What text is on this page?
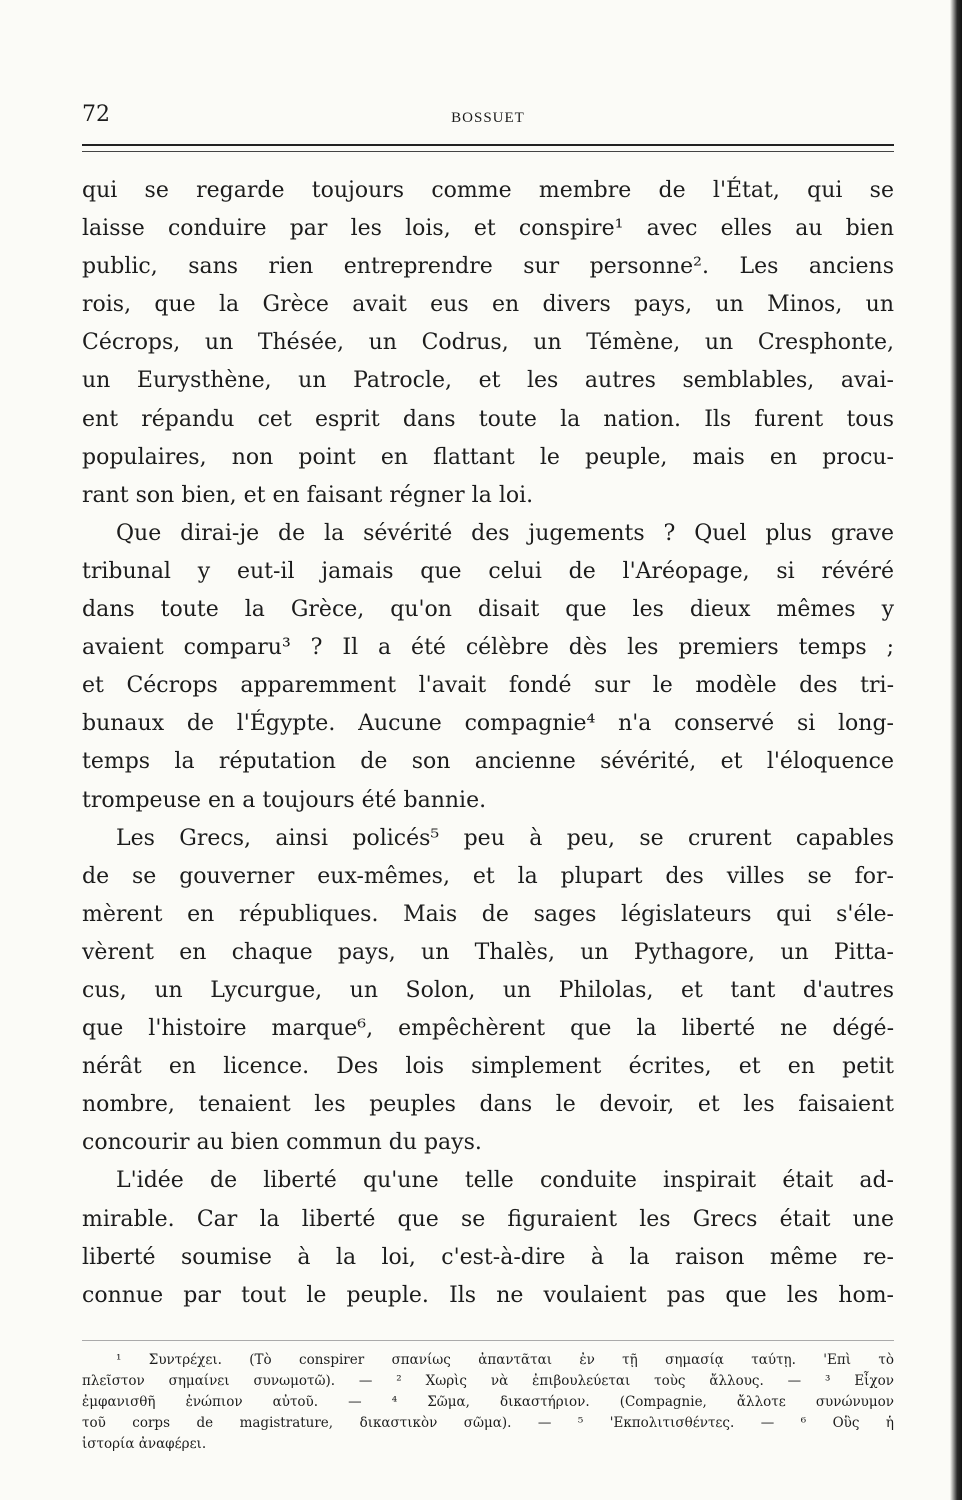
72	BOSSUET
qui se regarde toujours comme membre de l'État, qui se
laisse conduire par les lois, et conspire¹ avec elles au bien
public, sans rien entreprendre sur personne². Les anciens
rois, que la Grèce avait eus en divers pays, un Minos, un
Cécrops, un Thésée, un Codrus, un Témène, un Cresphonte,
un Eurysthène, un Patrocle, et les autres semblables, avai-
ent répandu cet esprit dans toute la nation. Ils furent tous
populaires, non point en flattant le peuple, mais en procu-
rant son bien, et en faisant régner la loi.
Que dirai-je de la sévérité des jugements ? Quel plus grave
tribunal y eut-il jamais que celui de l'Aréopage, si révéré
dans toute la Grèce, qu'on disait que les dieux mêmes y
avaient comparu³ ? Il a été célèbre dès les premiers temps ;
et Cécrops apparemment l'avait fondé sur le modèle des tri-
bunaux de l'Égypte. Aucune compagnie⁴ n'a conservé si long-
temps la réputation de son ancienne sévérité, et l'éloquence
trompeuse en a toujours été bannie.
Les Grecs, ainsi policés⁵ peu à peu, se crurent capables
de se gouverner eux-mêmes, et la plupart des villes se for-
mèrent en républiques. Mais de sages législateurs qui s'éle-
vèrent en chaque pays, un Thalès, un Pythagore, un Pitta-
cus, un Lycurgue, un Solon, un Philolas, et tant d'autres
que l'histoire marque⁶, empêchèrent que la liberté ne dégé-
nérât en licence. Des lois simplement écrites, et en petit
nombre, tenaient les peuples dans le devoir, et les faisaient
concourir au bien commun du pays.
L'idée de liberté qu'une telle conduite inspirait était ad-
mirable. Car la liberté que se figuraient les Grecs était une
liberté soumise à la loi, c'est-à-dire à la raison même re-
connue par tout le peuple. Ils ne voulaient pas que les hom-
¹ Συντρέχει. (Τὸ conspirer σπανίως ἀπαντᾶται ἐν τῇ σημασίᾳ ταύτῃ. 'Επὶ τὸ
πλεῖστον σημαίνει συνωμοτῶ). — ² Χωρὶς νὰ ἐπιβουλεύεται τοὺς ἄλλους. — ³ Εἶχον
ἐμφανισθῆ ἐνώπιον αὐτοῦ. — ⁴ Σῶμα, δικαστήριον. (Compagnie, ἄλλοτε συνώνυμον
τοῦ corps de magistrature, δικαστικὸν σῶμα). — ⁵ 'Εκπολιτισθέντες. — ⁶ Οὓς ἡ
ἱστορία ἀναφέρει.
